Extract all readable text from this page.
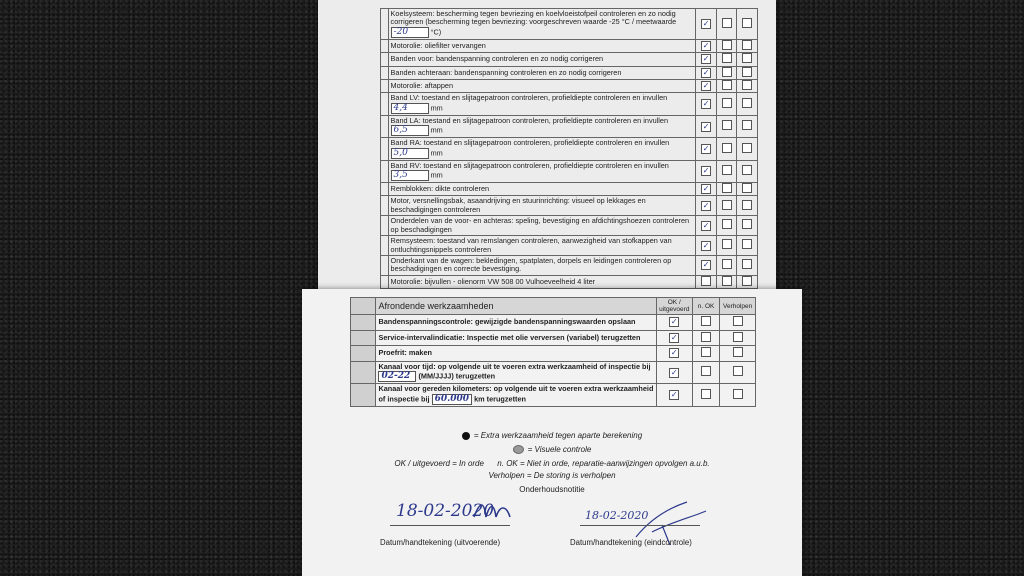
	Koelsysteem: bescherming tegen bevriezing en koelvloeistofpeil controleren en zo nodig corrigeren (bescherming tegen bevriezing: voorgeschreven waarde -25 °C / meetwaarde -20 °C)	✓		
	Motorolie: oliefilter vervangen	✓		
	Banden voor: bandenspanning controleren en zo nodig corrigeren	✓		
	Banden achteraan: bandenspanning controleren en zo nodig corrigeren	✓		
	Motorolie: aftappen	✓		
	Band LV: toestand en slijtagepatroon controleren, profieldiepte controleren en invullen 4,4 mm	✓		
	Band LA: toestand en slijtagepatroon controleren, profieldiepte controleren en invullen 6,5 mm	✓		
	Band RA: toestand en slijtagepatroon controleren, profieldiepte controleren en invullen 5,0 mm	✓		
	Band RV: toestand en slijtagepatroon controleren, profieldiepte controleren en invullen 3,5 mm	✓		
	Remblokken: dikte controleren	✓		
	Motor, versnellingsbak, asaandrijving en stuurinrichting: visueel op lekkages en beschadigingen controleren	✓		
	Onderdelen van de voor- en achteras: speling, bevestiging en afdichtingshoezen controleren op beschadigingen	✓		
	Remsysteem: toestand van remslangen controleren, aanwezigheid van stofkappen van ontluchtingsnippels controleren	✓		
	Onderkant van de wagen: bekledingen, spatplaten, dorpels en leidingen controleren op beschadigingen en correcte bevestiging.	✓		
	Motorolie: bijvullen - olienorm VW 508 00 Vulhoeveelheid 4 liter			
	Afrondende werkzaamheden	OK / uitgevoerd	n. OK	Verholpen
	Bandenspanningscontrole: gewijzigde bandenspanningswaarden opslaan	✓		
	Service-intervalindicatie: Inspectie met olie verversen (variabel) terugzetten	✓		
	Proefrit: maken	✓		
	Kanaal voor tijd: op volgende uit te voeren extra werkzaamheid of inspectie bij 02-22 (MM/JJJJ) terugzetten	✓		
	Kanaal voor gereden kilometers: op volgende uit te voeren extra werkzaamheid of inspectie bij 60.000 km terugzetten	✓		
= Extra werkzaamheid tegen aparte berekening
= Visuele controle
OK / uitgevoerd = In orde n. OK = Niet in orde, reparatie-aanwijzingen opvolgen a.u.b.
Verholpen = De storing is verholpen
Onderhoudsnotitie
18-02-2020
Datum/handtekening (uitvoerende)
18-02-2020
Datum/handtekening (eindcontrole)
